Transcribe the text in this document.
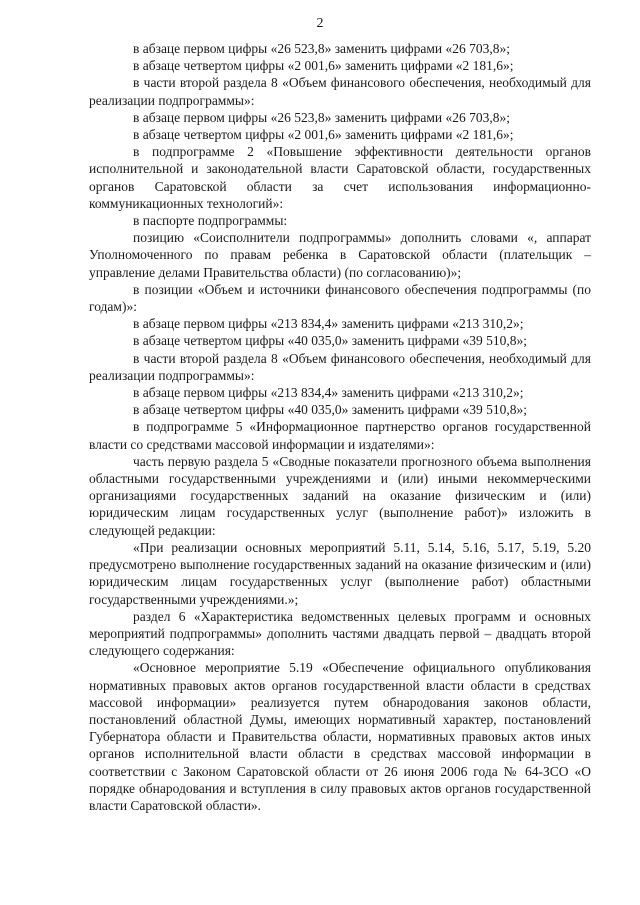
2

в абзаце первом цифры «26 523,8» заменить цифрами «26 703,8»;

в абзаце четвертом цифры «2 001,6» заменить цифрами «2 181,6»;

в части второй раздела 8 «Объем финансового обеспечения, необходимый для реализации подпрограммы»:

в абзаце первом цифры «26 523,8» заменить цифрами «26 703,8»;

в абзаце четвертом цифры «2 001,6» заменить цифрами «2 181,6»;

в подпрограмме 2 «Повышение эффективности деятельности органов исполнительной и законодательной власти Саратовской области, государственных органов Саратовской области за счет использования информационно-коммуникационных технологий»:

в паспорте подпрограммы:

позицию «Соисполнители подпрограммы» дополнить словами «, аппарат Уполномоченного по правам ребенка в Саратовской области (плательщик – управление делами Правительства области) (по согласованию)»;

в позиции «Объем и источники финансового обеспечения подпрограммы (по годам)»:

в абзаце первом цифры «213 834,4» заменить цифрами «213 310,2»;

в абзаце четвертом цифры «40 035,0» заменить цифрами «39 510,8»;

в части второй раздела 8 «Объем финансового обеспечения, необходимый для реализации подпрограммы»:

в абзаце первом цифры «213 834,4» заменить цифрами «213 310,2»;

в абзаце четвертом цифры «40 035,0» заменить цифрами «39 510,8»;

в подпрограмме 5 «Информационное партнерство органов государственной власти со средствами массовой информации и издателями»:

часть первую раздела 5 «Сводные показатели прогнозного объема выполнения областными государственными учреждениями и (или) иными некоммерческими организациями государственных заданий на оказание физическим и (или) юридическим лицам государственных услуг (выполнение работ)» изложить в следующей редакции:

«При реализации основных мероприятий 5.11, 5.14, 5.16, 5.17, 5.19, 5.20 предусмотрено выполнение государственных заданий на оказание физическим и (или) юридическим лицам государственных услуг (выполнение работ) областными государственными учреждениями.»;

раздел 6 «Характеристика ведомственных целевых программ и основных мероприятий подпрограммы» дополнить частями двадцать первой – двадцать второй следующего содержания:

«Основное мероприятие 5.19 «Обеспечение официального опубликования нормативных правовых актов органов государственной власти области в средствах массовой информации» реализуется путем обнародования законов области, постановлений областной Думы, имеющих нормативный характер, постановлений Губернатора области и Правительства области, нормативных правовых актов иных органов исполнительной власти области в средствах массовой информации в соответствии с Законом Саратовской области от 26 июня 2006 года № 64-ЗСО «О порядке обнародования и вступления в силу правовых актов органов государственной власти Саратовской области».
